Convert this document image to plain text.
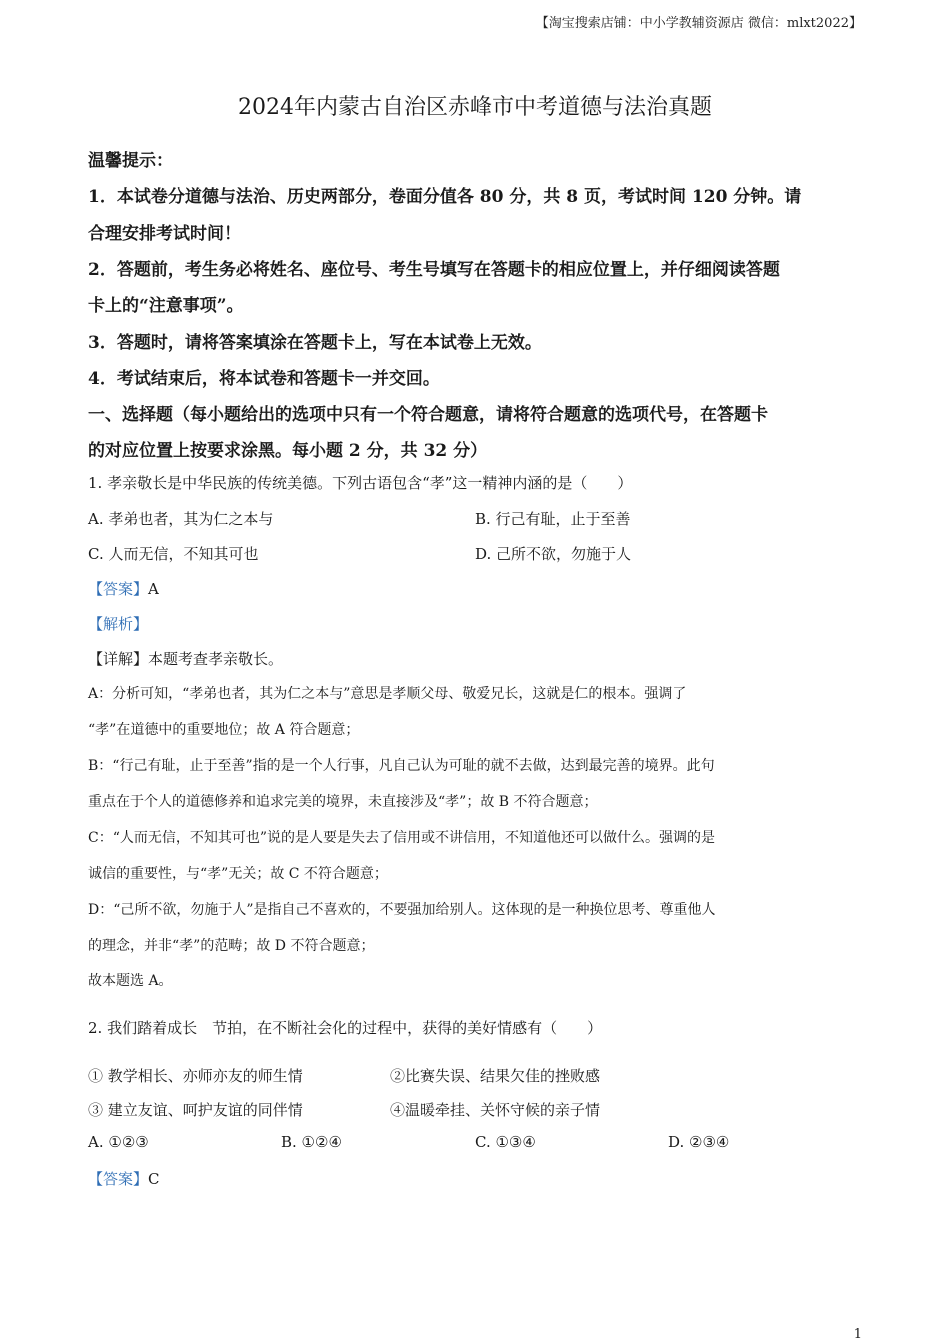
【淘宝搜索店铺：中小学教辅资源店 微信：mlxt2022】
2024年内蒙古自治区赤峰市中考道德与法治真题
温馨提示：
1．本试卷分道德与法治、历史两部分，卷面分值各 80 分，共 8 页，考试时间 120 分钟。请
合理安排考试时间！
2．答题前，考生务必将姓名、座位号、考生号填写在答题卡的相应位置上，并仔细阅读答题
卡上的“注意事项”。
3．答题时，请将答案填涂在答题卡上，写在本试卷上无效。
4．考试结束后，将本试卷和答题卡一并交回。
一、选择题（每小题给出的选项中只有一个符合题意，请将符合题意的选项代号，在答题卡
的对应位置上按要求涂黑。每小题 2 分，共 32 分）
1. 孝亲敬长是中华民族的传统美德。下列古语包含“孝”这一精神内涵的是（　　）
A. 孝弟也者，其为仁之本与	B. 行己有耻，止于至善
C. 人而无信，不知其可也	D. 己所不欲，勿施于人
【答案】A
【解析】
【详解】本题考查孝亲敬长。
A：分析可知，“孝弟也者，其为仁之本与”意思是孝顺父母、敬爱兄长，这就是仁的根本。强调了
“孝”在道德中的重要地位；故 A 符合题意；
B：“行己有耻，止于至善”指的是一个人行事，凡自己认为可耻的就不去做，达到最完善的境界。此句
重点在于个人的道德修养和追求完美的境界，未直接涉及“孝”；故 B 不符合题意；
C：“人而无信，不知其可也”说的是人要是失去了信用或不讲信用，不知道他还可以做什么。强调的是
诚信的重要性，与“孝”无关；故 C 不符合题意；
D：“己所不欲，勿施于人”是指自己不喜欢的，不要强加给别人。这体现的是一种换位思考、尊重他人
的理念，并非“孝”的范畴；故 D 不符合题意；
故本题选 A。
2. 我们踏着成长　节拍，在不断社会化的过程中，获得的美好情感有（　　）
① 教学相长、亦师亦友的师生情	②比赛失误、结果欠佳的挫败感
③ 建立友谊、呵护友谊的同伴情	④温暖牵挂、关怀守候的亲子情
A. ①②③	B. ①②④	C. ①③④	D. ②③④
【答案】C
1
